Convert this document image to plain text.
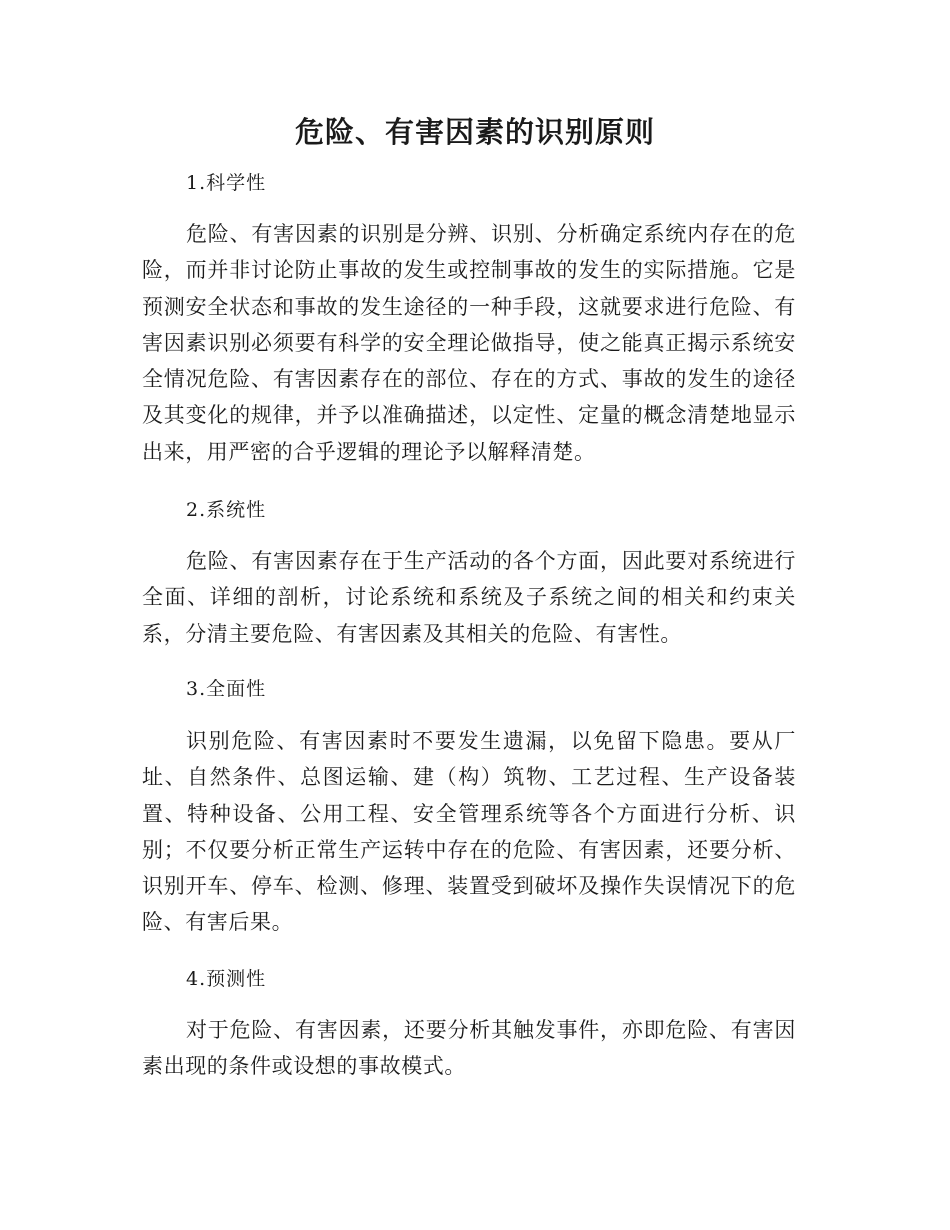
危险、有害因素的识别原则
1.科学性

危险、有害因素的识别是分辨、识别、分析确定系统内存在的危险，而并非讨论防止事故的发生或控制事故的发生的实际措施。它是预测安全状态和事故的发生途径的一种手段，这就要求进行危险、有害因素识别必须要有科学的安全理论做指导，使之能真正揭示系统安全情况危险、有害因素存在的部位、存在的方式、事故的发生的途径及其变化的规律，并予以准确描述，以定性、定量的概念清楚地显示出来，用严密的合乎逻辑的理论予以解释清楚。

2.系统性

危险、有害因素存在于生产活动的各个方面，因此要对系统进行全面、详细的剖析，讨论系统和系统及子系统之间的相关和约束关系，分清主要危险、有害因素及其相关的危险、有害性。

3.全面性

识别危险、有害因素时不要发生遗漏，以免留下隐患。要从厂址、自然条件、总图运输、建（构）筑物、工艺过程、生产设备装置、特种设备、公用工程、安全管理系统等各个方面进行分析、识别；不仅要分析正常生产运转中存在的危险、有害因素，还要分析、识别开车、停车、检测、修理、装置受到破坏及操作失误情况下的危险、有害后果。

4.预测性

对于危险、有害因素，还要分析其触发事件，亦即危险、有害因素出现的条件或设想的事故模式。
